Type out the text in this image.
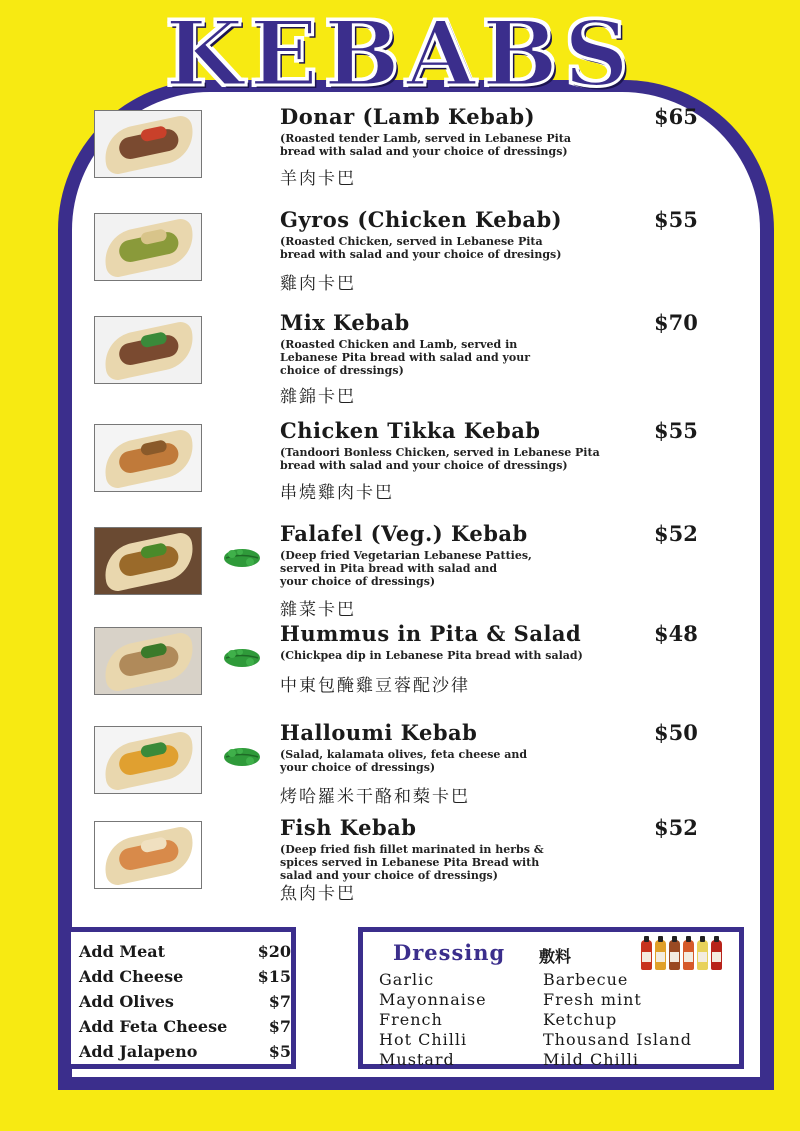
KEBABS
Donar (Lamb Kebab)	$65
(Roasted tender Lamb, served in Lebanese Pita
bread with salad and your choice of dressings)
羊肉卡巴
Gyros (Chicken Kebab)	$55
(Roasted Chicken, served in Lebanese Pita
bread with salad and your choice of dresings)
雞肉卡巴
Mix Kebab	$70
(Roasted Chicken and Lamb, served in
Lebanese Pita bread with salad and your
choice of dressings)
雜錦卡巴
Chicken Tikka Kebab	$55
(Tandoori Bonless Chicken, served in Lebanese Pita
bread with salad and your choice of dressings)
串燒雞肉卡巴
Falafel (Veg.) Kebab	$52
(Deep fried Vegetarian Lebanese Patties,
served in Pita bread with salad and
your choice of dressings)
雜菜卡巴
Hummus in Pita & Salad	$48
(Chickpea dip in Lebanese Pita bread with salad)
中東包醃雞豆蓉配沙律
Halloumi Kebab	$50
(Salad, kalamata olives, feta cheese and
your choice of dressings)
烤哈羅米干酪和蔾卡巴
Fish Kebab	$52
(Deep fried fish fillet marinated in herbs &
spices served in Lebanese Pita Bread with
salad and your choice of dressings)
魚肉卡巴
Add Meat	$20
Add Cheese	$15
Add Olives	$7
Add Feta Cheese	$7
Add Jalapeno	$5
Dressing 敷料
Garlic
Mayonnaise
French
Hot Chilli
Mustard
Barbecue
Fresh mint
Ketchup
Thousand Island
Mild Chilli
